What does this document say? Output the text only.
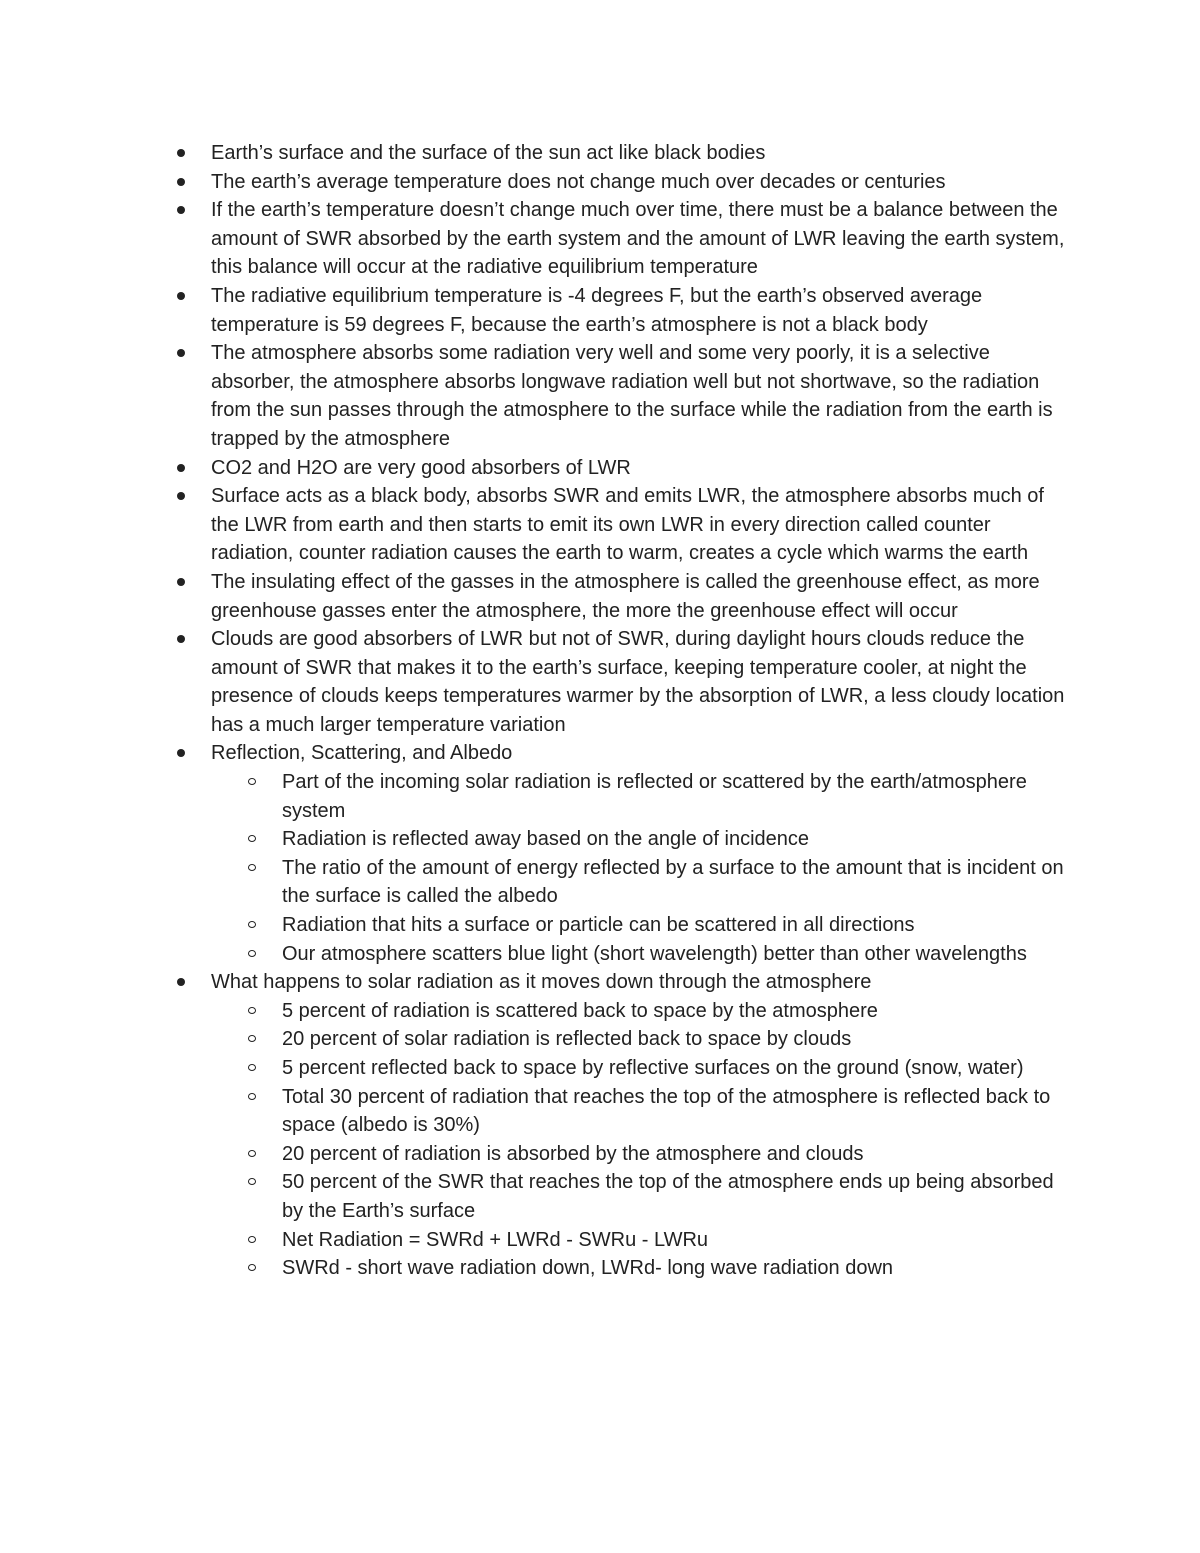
Earth’s surface and the surface of the sun act like black bodies
The earth’s average temperature does not change much over decades or centuries
If the earth’s temperature doesn’t change much over time, there must be a balance between the amount of SWR absorbed by the earth system and the amount of LWR leaving the earth system, this balance will occur at the radiative equilibrium temperature
The radiative equilibrium temperature is -4 degrees F, but the earth’s observed average temperature is 59 degrees F, because the earth’s atmosphere is not a black body
The atmosphere absorbs some radiation very well and some very poorly, it is a selective absorber, the atmosphere absorbs longwave radiation well but not shortwave, so the radiation from the sun passes through the atmosphere to the surface while the radiation from the earth is trapped by the atmosphere
CO2 and H2O are very good absorbers of LWR
Surface acts as a black body, absorbs SWR and emits LWR, the atmosphere absorbs much of the LWR from earth and then starts to emit its own LWR in every direction called counter radiation, counter radiation causes the earth to warm, creates a cycle which warms the earth
The insulating effect of the gasses in the atmosphere is called the greenhouse effect, as more greenhouse gasses enter the atmosphere, the more the greenhouse effect will occur
Clouds are good absorbers of LWR but not of SWR, during daylight hours clouds reduce the amount of SWR that makes it to the earth’s surface, keeping temperature cooler, at night the presence of clouds keeps temperatures warmer by the absorption of LWR, a less cloudy location has a much larger temperature variation
Reflection, Scattering, and Albedo
Part of the incoming solar radiation is reflected or scattered by the earth/atmosphere system
Radiation is reflected away based on the angle of incidence
The ratio of the amount of energy reflected by a surface to the amount that is incident on the surface is called the albedo
Radiation that hits a surface or particle can be scattered in all directions
Our atmosphere scatters blue light (short wavelength) better than other wavelengths
What happens to solar radiation as it moves down through the atmosphere
5 percent of radiation is scattered back to space by the atmosphere
20 percent of solar radiation is reflected back to space by clouds
5 percent reflected back to space by reflective surfaces on the ground (snow, water)
Total 30 percent of radiation that reaches the top of the atmosphere is reflected back to space (albedo is 30%)
20 percent of radiation is absorbed by the atmosphere and clouds
50 percent of the SWR that reaches the top of the atmosphere ends up being absorbed by the Earth’s surface
Net Radiation = SWRd + LWRd - SWRu - LWRu
SWRd - short wave radiation down, LWRd- long wave radiation down
